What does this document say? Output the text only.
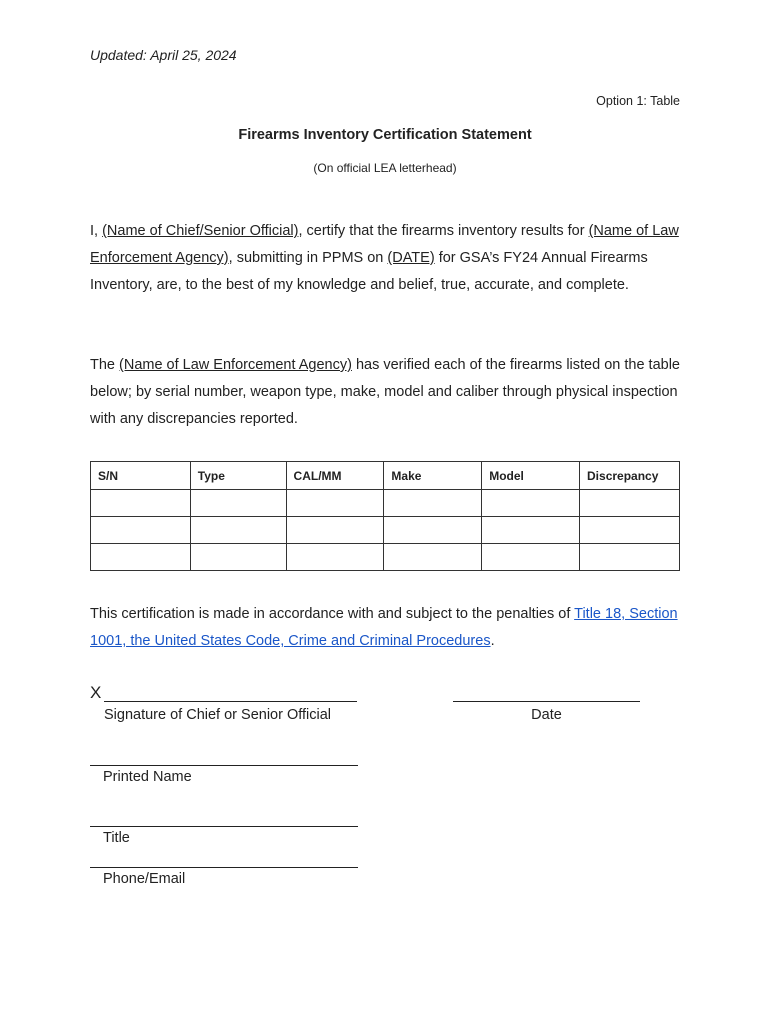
Updated: April 25, 2024
Option 1: Table
Firearms Inventory Certification Statement
(On official LEA letterhead)
I, (Name of Chief/Senior Official), certify that the firearms inventory results for (Name of Law Enforcement Agency), submitting in PPMS on (DATE) for GSA’s FY24 Annual Firearms Inventory, are, to the best of my knowledge and belief, true, accurate, and complete.
The (Name of Law Enforcement Agency) has verified each of the firearms listed on the table below; by serial number, weapon type, make, model and caliber through physical inspection with any discrepancies reported.
S/N	Type	CAL/MM	Make	Model	Discrepancy

This certification is made in accordance with and subject to the penalties of Title 18, Section 1001, the United States Code, Crime and Criminal Procedures.
X
Signature of Chief or Senior Official	Date
Printed Name
Title
Phone/Email
